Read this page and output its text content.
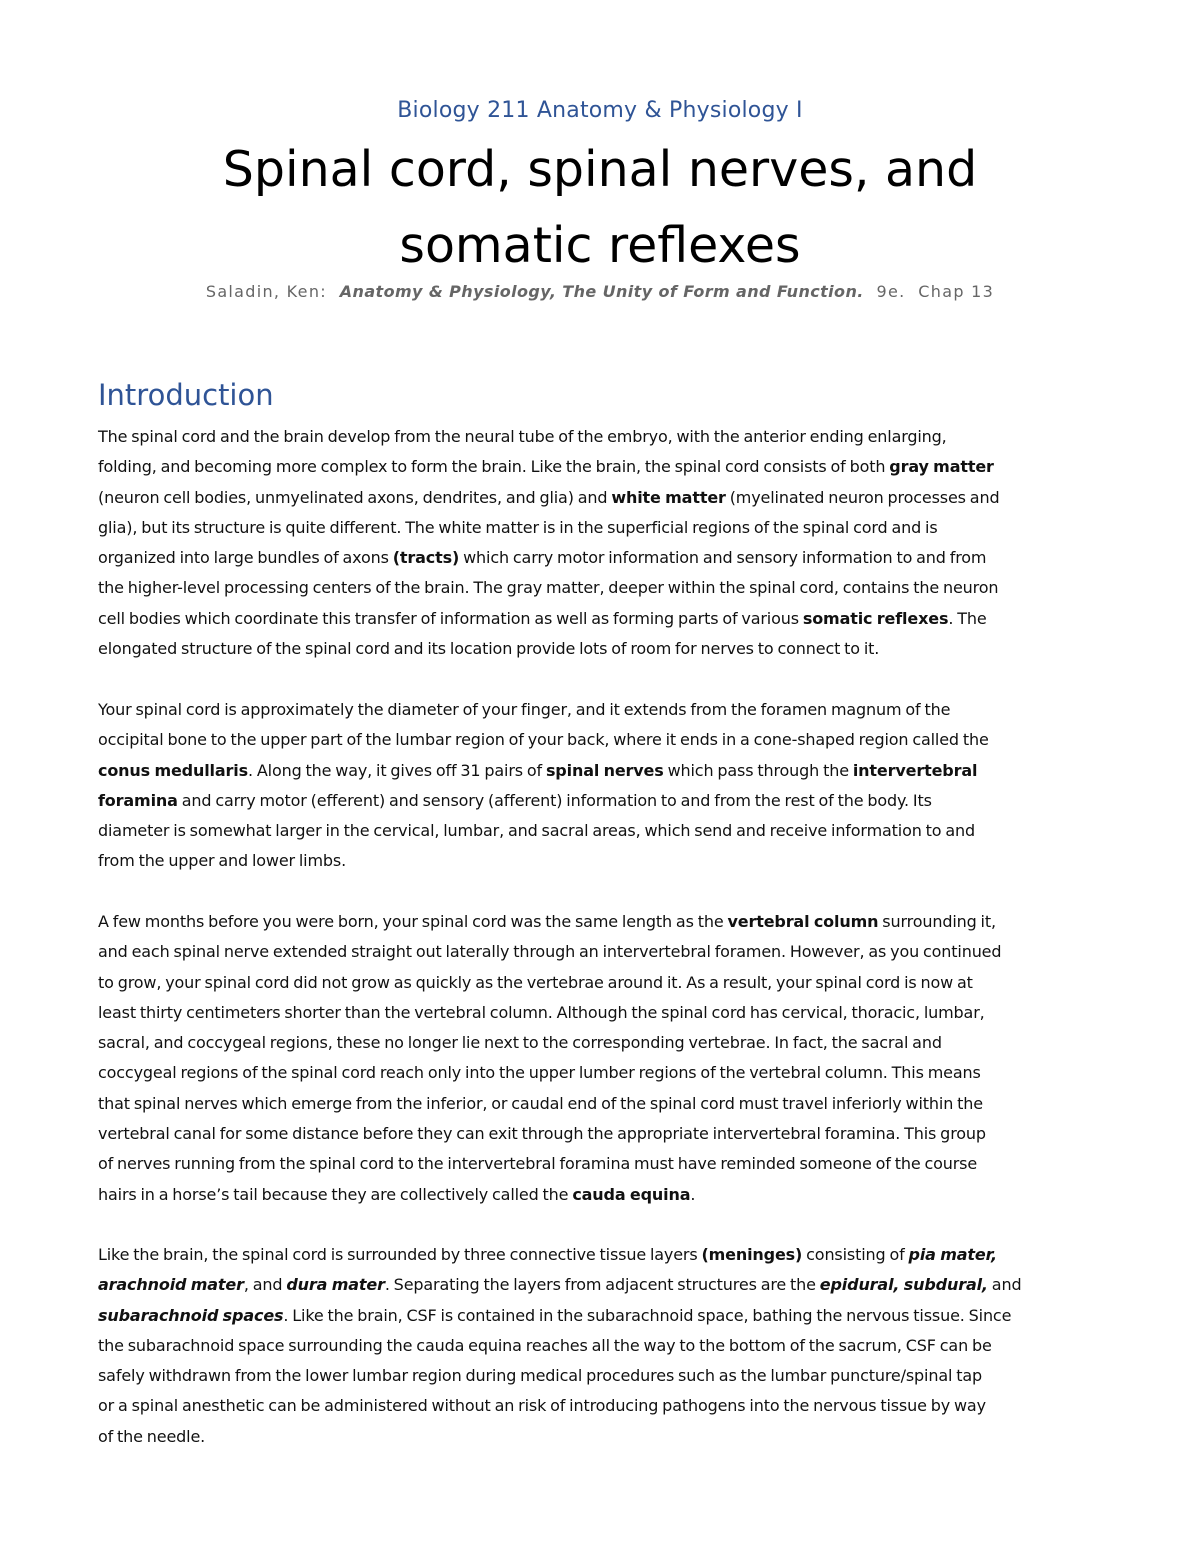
Biology 211 Anatomy & Physiology I
Spinal cord, spinal nerves, and
somatic reflexes
Saladin, Ken: Anatomy & Physiology, The Unity of Form and Function. 9e. Chap 13
Introduction
The spinal cord and the brain develop from the neural tube of the embryo, with the anterior ending enlarging,
folding, and becoming more complex to form the brain. Like the brain, the spinal cord consists of both gray matter
(neuron cell bodies, unmyelinated axons, dendrites, and glia) and white matter (myelinated neuron processes and
glia), but its structure is quite different. The white matter is in the superficial regions of the spinal cord and is
organized into large bundles of axons (tracts) which carry motor information and sensory information to and from
the higher-level processing centers of the brain. The gray matter, deeper within the spinal cord, contains the neuron
cell bodies which coordinate this transfer of information as well as forming parts of various somatic reflexes. The
elongated structure of the spinal cord and its location provide lots of room for nerves to connect to it.
Your spinal cord is approximately the diameter of your finger, and it extends from the foramen magnum of the
occipital bone to the upper part of the lumbar region of your back, where it ends in a cone-shaped region called the
conus medullaris. Along the way, it gives off 31 pairs of spinal nerves which pass through the intervertebral
foramina and carry motor (efferent) and sensory (afferent) information to and from the rest of the body. Its
diameter is somewhat larger in the cervical, lumbar, and sacral areas, which send and receive information to and
from the upper and lower limbs.
A few months before you were born, your spinal cord was the same length as the vertebral column surrounding it,
and each spinal nerve extended straight out laterally through an intervertebral foramen. However, as you continued
to grow, your spinal cord did not grow as quickly as the vertebrae around it. As a result, your spinal cord is now at
least thirty centimeters shorter than the vertebral column. Although the spinal cord has cervical, thoracic, lumbar,
sacral, and coccygeal regions, these no longer lie next to the corresponding vertebrae. In fact, the sacral and
coccygeal regions of the spinal cord reach only into the upper lumber regions of the vertebral column. This means
that spinal nerves which emerge from the inferior, or caudal end of the spinal cord must travel inferiorly within the
vertebral canal for some distance before they can exit through the appropriate intervertebral foramina. This group
of nerves running from the spinal cord to the intervertebral foramina must have reminded someone of the course
hairs in a horse’s tail because they are collectively called the cauda equina.
Like the brain, the spinal cord is surrounded by three connective tissue layers (meninges) consisting of pia mater,
arachnoid mater, and dura mater. Separating the layers from adjacent structures are the epidural, subdural, and
subarachnoid spaces. Like the brain, CSF is contained in the subarachnoid space, bathing the nervous tissue. Since
the subarachnoid space surrounding the cauda equina reaches all the way to the bottom of the sacrum, CSF can be
safely withdrawn from the lower lumbar region during medical procedures such as the lumbar puncture/spinal tap
or a spinal anesthetic can be administered without an risk of introducing pathogens into the nervous tissue by way
of the needle.
